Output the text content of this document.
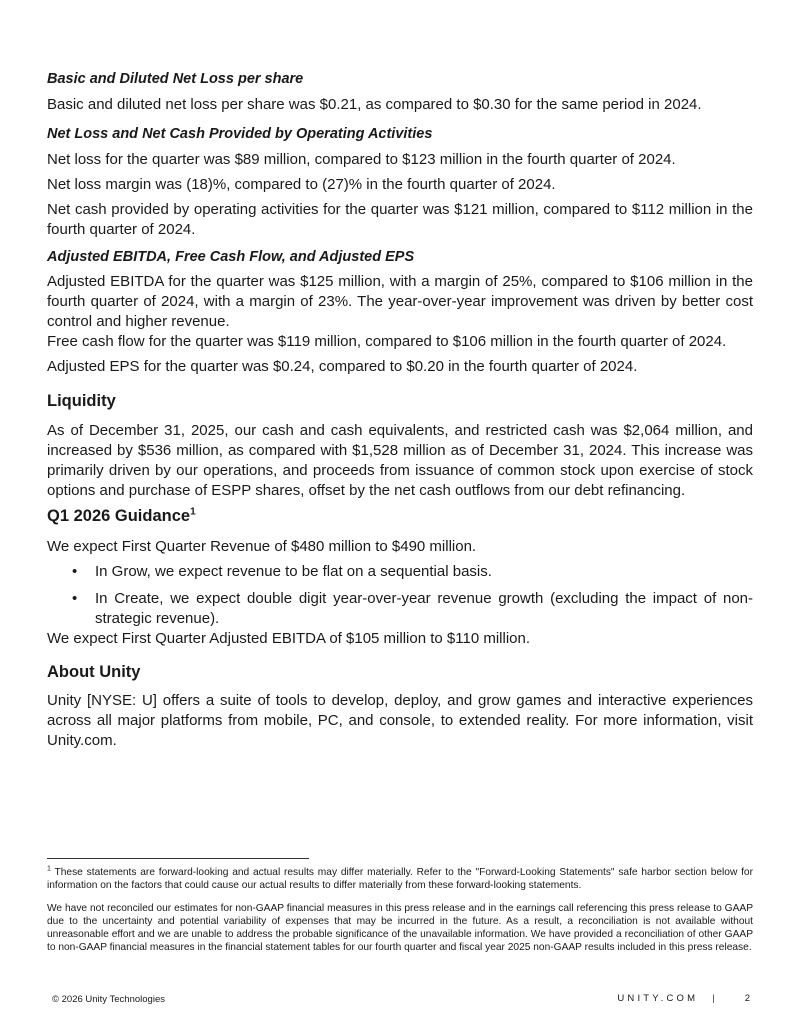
Basic and Diluted Net Loss per share

Basic and diluted net loss per share was $0.21, as compared to $0.30 for the same period in 2024.

Net Loss and Net Cash Provided by Operating Activities

Net loss for the quarter was $89 million, compared to $123 million in the fourth quarter of 2024.

Net loss margin was (18)%, compared to (27)% in the fourth quarter of 2024.

Net cash provided by operating activities for the quarter was $121 million, compared to $112 million in the fourth quarter of 2024.

Adjusted EBITDA, Free Cash Flow, and Adjusted EPS

Adjusted EBITDA for the quarter was $125 million, with a margin of 25%, compared to $106 million in the fourth quarter of 2024, with a margin of 23%. The year-over-year improvement was driven by better cost control and higher revenue.

Free cash flow for the quarter was $119 million, compared to $106 million in the fourth quarter of 2024.

Adjusted EPS for the quarter was $0.24, compared to $0.20 in the fourth quarter of 2024.

Liquidity

As of December 31, 2025, our cash and cash equivalents, and restricted cash was $2,064 million, and increased by $536 million, as compared with $1,528 million as of December 31, 2024. This increase was primarily driven by our operations, and proceeds from issuance of common stock upon exercise of stock options and purchase of ESPP shares, offset by the net cash outflows from our debt refinancing.

Q1 2026 Guidance$^1$

We expect First Quarter Revenue of $480 million to $490 million.

• In Grow, we expect revenue to be flat on a sequential basis.
• In Create, we expect double digit year-over-year revenue growth (excluding the impact of non-strategic revenue).

We expect First Quarter Adjusted EBITDA of $105 million to $110 million.

About Unity

Unity [NYSE: U] offers a suite of tools to develop, deploy, and grow games and interactive experiences across all major platforms from mobile, PC, and console, to extended reality. For more information, visit Unity.com.

$^1$ These statements are forward-looking and actual results may differ materially. Refer to the "Forward-Looking Statements" safe harbor section below for information on the factors that could cause our actual results to differ materially from these forward-looking statements.

We have not reconciled our estimates for non-GAAP financial measures in this press release and in the earnings call referencing this press release to GAAP due to the uncertainty and potential variability of expenses that may be incurred in the future. As a result, a reconciliation is not available without unreasonable effort and we are unable to address the probable significance of the unavailable information. We have provided a reconciliation of other GAAP to non-GAAP financial measures in the financial statement tables for our fourth quarter and fiscal year 2025 non-GAAP results included in this press release.

© 2026 Unity Technologies	UNITY.COM |	2
